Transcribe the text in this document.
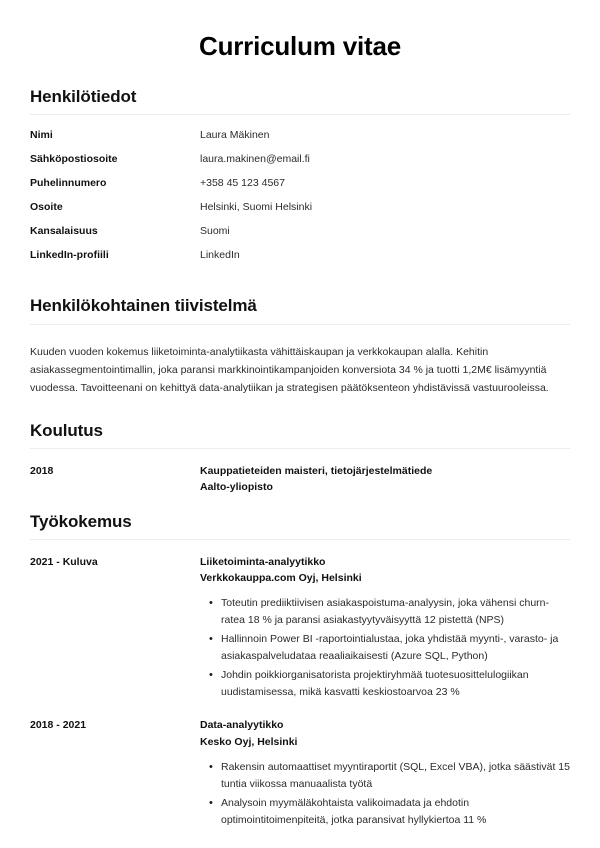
Curriculum vitae
Henkilötiedot
Nimi	Laura Mäkinen
Sähköpostiosoite	laura.makinen@email.fi
Puhelinnumero	+358 45 123 4567
Osoite	Helsinki, Suomi Helsinki
Kansalaisuus	Suomi
LinkedIn-profiili	LinkedIn
Henkilökohtainen tiivistelmä

Kuuden vuoden kokemus liiketoiminta-analytiikasta vähittäiskaupan ja verkkokaupan alalla. Kehitin asiakassegmentointimallin, joka paransi markkinointikampanjoiden konversiota 34 % ja tuotti 1,2M€ lisämyyntiä vuodessa. Tavoitteenani on kehittyä data-analytiikan ja strategisen päätöksenteon yhdistävissä vastuurooleissa.

Koulutus
2018	Kauppatieteiden maisteri, tietojärjestelmätiede
Aalto-yliopisto
Työkokemus
2021 - Kuluva	Liiketoiminta-analyytikko
Verkkokauppa.com Oyj, Helsinki
• Toteutin prediiktiivisen asiakaspoistuma-analyysin, joka vähensi churn-ratea 18 % ja paransi asiakastyytyväisyyttä 12 pistettä (NPS)
• Hallinnoin Power BI -raportointialustaa, joka yhdistää myynti-, varasto- ja asiakaspalveludataa reaaliaikaisesti (Azure SQL, Python)
• Johdin poikkiorganisatorista projektiryhmää tuotesuosittelulogiikan uudistamisessa, mikä kasvatti keskiostoarvoa 23 %
2018 - 2021	Data-analyytikko
Kesko Oyj, Helsinki
• Rakensin automaattiset myyntiraportit (SQL, Excel VBA), jotka säästivät 15 tuntia viikossa manuaalista työtä
• Analysoin myymäläkohtaista valikoimadata ja ehdotin optimointitoimenpiteitä, jotka paransivat hyllykiertoa 11 %
